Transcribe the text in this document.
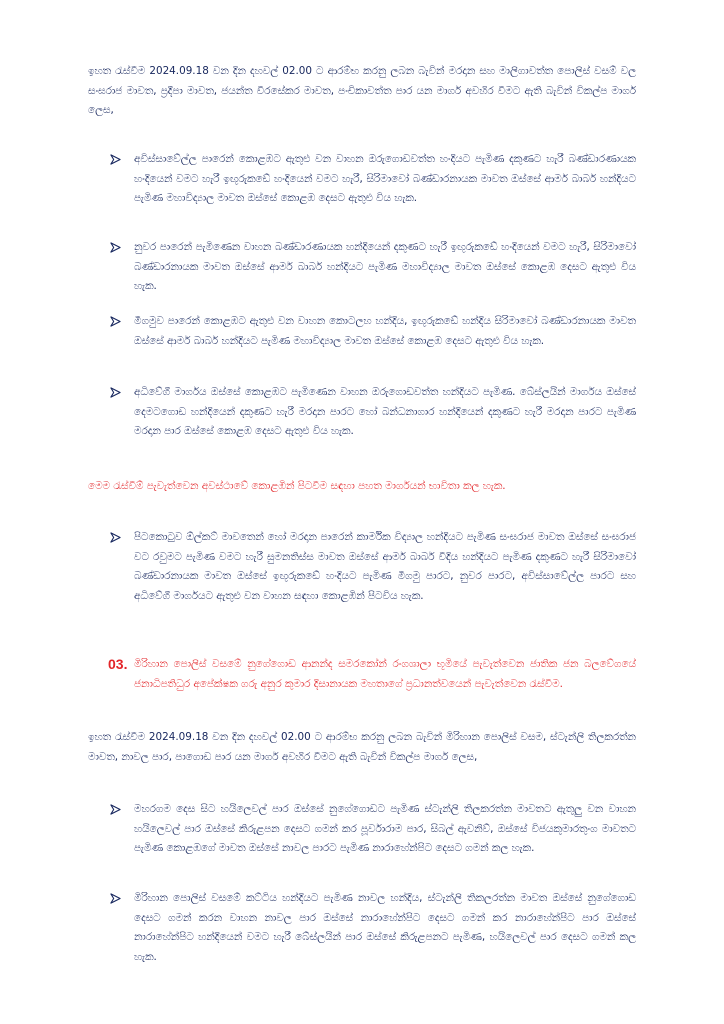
ඉහත රැස්වීම 2024.09.18 වන දින දහවල් 02.00 ට ආරම්භ කරනු ලබන බැවින් මරදාන සහ මාලිගාවත්ත පොලිස් වසම් වල සංඝරාජ මාවත, ප්‍රදීපා මාවත, ජයන්ත වීරසේකර මාවත, පංචිකාවත්ත පාර යන මාර්ග අවහිර වීමට ඇති බැවින් විකල්ප මාර්ග ලෙස,

අවිස්සාවේල්ල පාරෙන් කොළඹට ඇතුළු වන වාහන ඔරුගොඩවත්ත හංදියට පැමිණ දකුණට හැරී බණ්ඩාරණායක හංදියෙන් වමට හැරී ඉඟුරුකඩේ හංදියෙන් වමට හැරී, සිරිමාවෝ බණ්ඩාරනායක මාවත ඔස්සේ ආමර් බාබර් හන්දියට පැමිණ මහාවිද්‍යාල මාවත ඔස්සේ කොළඹ දෙසට ඇතුළු විය හැක.
නුවර පාරෙන් පැමිණෙන වාහන බණ්ඩාරණායක හන්දියෙන් දකුණට හැරී ඉඟුරුකඩේ හංදියෙන් වමට හැරී, සිරිමාවෝ බණ්ඩාරනායක මාවත ඔස්සේ ආමර් බාබර් හන්දියට පැමිණ මහාවිද්‍යාල මාවත ඔස්සේ කොළඹ දෙසට ඇතුළු විය හැක.
මීගමුව පාරෙන් කොළඹට ඇතුළු වන වාහන කොටලහ හන්දිය, ඉඟුරුකඩේ හන්දිය සිරිමාවෝ බණ්ඩාරනායක මාවත ඔස්සේ ආමර් බාබර් හන්දියට පැමිණ මහාවිද්‍යාල මාවත ඔස්සේ කොළඹ දෙසට ඇතුළු විය හැක.
අධිවේගී මාර්ගය ඔස්සේ කොළඹට පැමිණෙන වාහන ඔරුගොඩවත්ත හන්දියට පැමිණ. බේස්ලයින් මාර්ගය ඔස්සේ දෙමටගොඩ හන්දියෙන් දකුණට හැරී මරදාන පාරට හෝ බන්ධනාගාර හන්දියෙන් දකුණට හැරී මරදාන පාරට පැමිණ මරදාන පාර ඔස්සේ කොළඹ දෙසට ඇතුළු විය හැක.

මෙම රැස්වීම් පැවැත්වෙන අවස්ථාවේ කොළඹින් පිටවීම සඳහා පහත මාර්ගයන් භාවිතා කල හැක.

පිටකොටුව ඕල්කට් මාවතෙන් හෝ මරදාන පාරෙන් කාර්මික විද්‍යාල හන්දියට පැමිණ සංඝරාජ මාවත ඔස්සේ සංඝරාජ වට රවුමට පැමිණ වමට හැරී සුමනතිස්ස මාවත ඔස්සේ ආමර් බාබර් වීදිය හන්දියට පැමිණ දකුණට හැරී සිරිමාවෝ බණ්ඩාරනායක මාවත ඔස්සේ ඉඟුරුකඩේ හංදියට පැමිණ මීගමු පාරට, නුවර පාරට, අවිස්සාවේල්ල පාරට සහ අධිවේගී මාර්ගයට ඇතුළු වන වාහන සඳහා කොළඹින් පිටවිය හැක.
03. මිරිහාන පොලිස් වසමේ නුගේගොඩ ආනන්ද සමරකෝන් රංගශාලා භූමියේ පැවැත්වෙන ජාතික ජන බලවේගයේ ජනාධිපතිධුර අපේක්ෂක ගරු අනුර කුමාර දිසානායක මහතාගේ ප්‍රධානත්වයෙන් පැවැත්වෙන රැස්වීම.

ඉහත රැස්වීම 2024.09.18 වන දින දහවල් 02.00 ට ආරම්භ කරනු ලබන බැවින් මිරිහාන පොලිස් වසම, ස්ටැන්ලි තිලකරත්න මාවත, නාවල පාර, පාගොඩ පාර යන මාර්ග අවහිර වීමට ඇති බැවින් විකල්ප මාර්ග ලෙස,

මහරගම දෙස සිට හයිලෙවල් පාර ඔස්සේ නුගේගොඩට පැමිණ ස්ටැන්ලි තිලකරත්න මාවතට ඇතුලු වන වාහන හයිලෙවල් පාර ඔස්සේ කිරුළපන දෙසට ගමන් කර පූර්වාරාම පාර, සිබල් ඇවනිව්, ඔස්සේ විජයකුමාරතුංග මාවතට පැමිණ කොළඹගේ මාවත ඔස්සේ නාවල පාරට පැමිණ නාරාහේන්පිට දෙසට ගමන් කල හැක.
මිරිහාන පොලිස් වසමේ කට්ටිය හන්දියට පැමිණ නාවල හන්දිය, ස්ටැන්ලි තිකලරත්න මාවත ඔස්සේ නුගේගොඩ දෙසට ගමන් කරන වාහන නාවල පාර ඔස්සේ නාරාහේන්පිට දෙසට ගමන් කර නාරාහේන්පිට පාර ඔස්සේ නාරාහේන්පිට හන්දියෙන් වමට හැරී බේස්ලයින් පාර ඔස්සේ කිරුළපනට පැමිණ, හයිලෙවල් පාර දෙසට ගමන් කල හැක.
